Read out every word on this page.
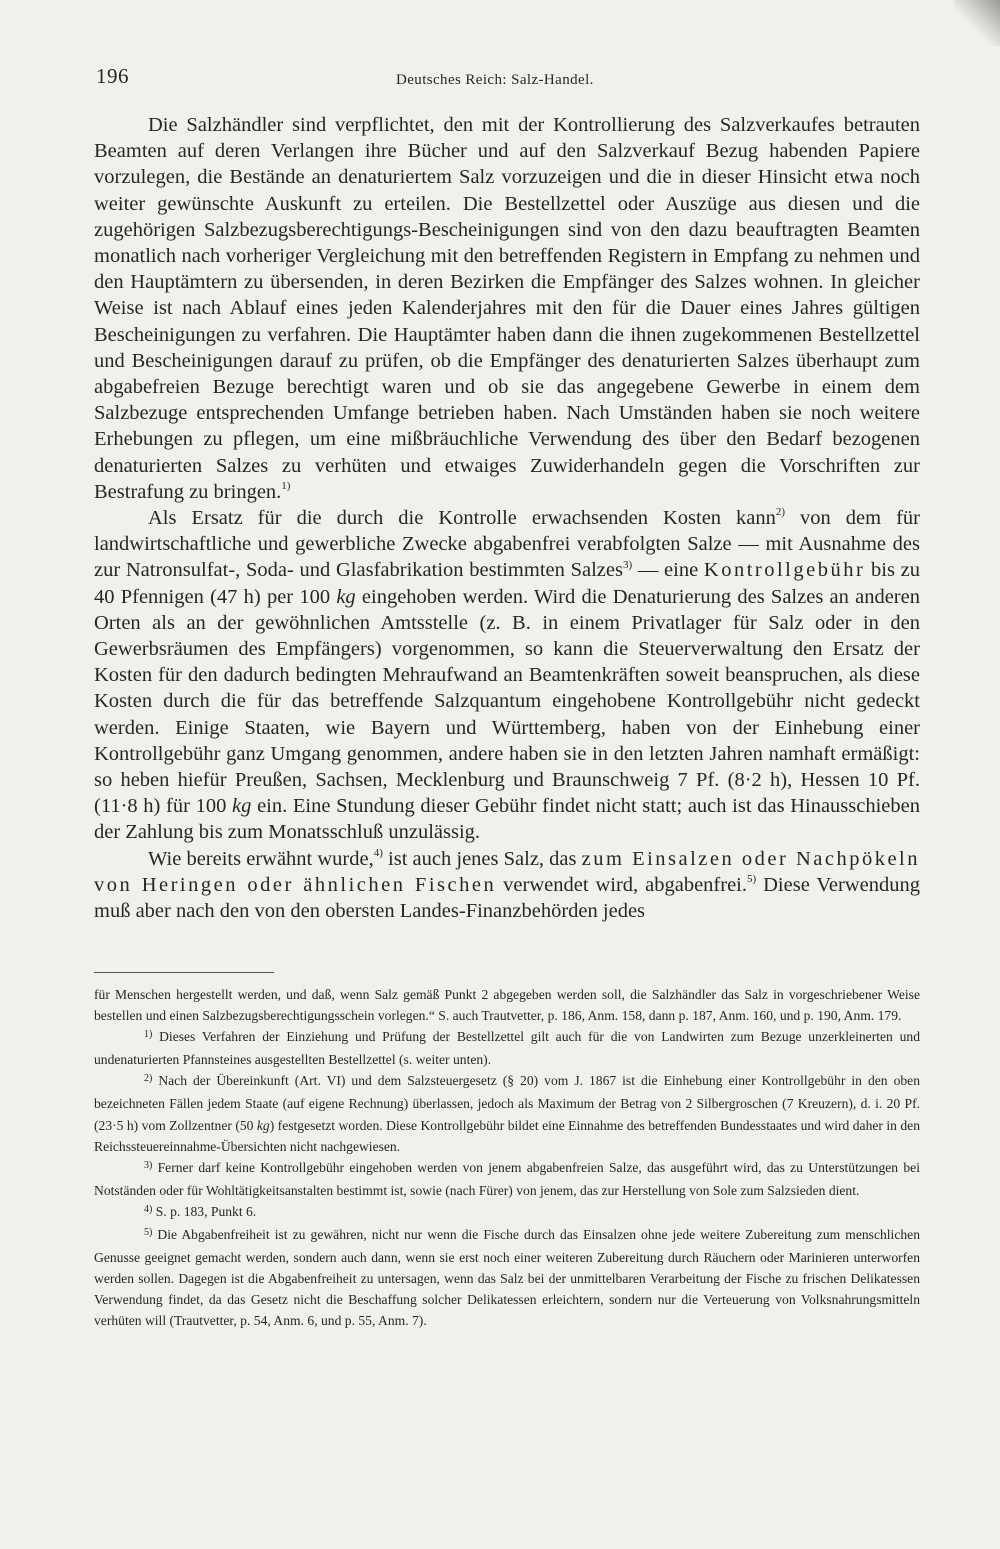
196	Deutsches Reich: Salz-Handel.

Die Salzhändler sind verpflichtet, den mit der Kontrollierung des Salzverkaufes betrauten Beamten auf deren Verlangen ihre Bücher und auf den Salzverkauf Bezug habenden Papiere vorzulegen, die Bestände an denaturiertem Salz vorzuzeigen und die in dieser Hinsicht etwa noch weiter gewünschte Auskunft zu erteilen. Die Bestellzettel oder Auszüge aus diesen und die zugehörigen Salzbezugsberechtigungs-Bescheinigungen sind von den dazu beauftragten Beamten monatlich nach vorheriger Vergleichung mit den betreffenden Registern in Empfang zu nehmen und den Hauptämtern zu übersenden, in deren Bezirken die Empfänger des Salzes wohnen. In gleicher Weise ist nach Ablauf eines jeden Kalenderjahres mit den für die Dauer eines Jahres gültigen Bescheinigungen zu verfahren. Die Hauptämter haben dann die ihnen zugekommenen Bestellzettel und Bescheinigungen darauf zu prüfen, ob die Empfänger des denaturierten Salzes überhaupt zum abgabefreien Bezuge berechtigt waren und ob sie das angegebene Gewerbe in einem dem Salzbezuge entsprechenden Umfange betrieben haben. Nach Umständen haben sie noch weitere Erhebungen zu pflegen, um eine mißbräuchliche Verwendung des über den Bedarf bezogenen denaturierten Salzes zu verhüten und etwaiges Zuwiderhandeln gegen die Vorschriften zur Bestrafung zu bringen.$^{1)}$

Als Ersatz für die durch die Kontrolle erwachsenden Kosten kann$^{2)}$ von dem für landwirtschaftliche und gewerbliche Zwecke abgabenfrei verabfolgten Salze — mit Ausnahme des zur Natronsulfat-, Soda- und Glasfabrikation bestimmten Salzes$^{3)}$ — eine Kontrollgebühr bis zu 40 Pfennigen (47 h) per 100 kg eingehoben werden. Wird die Denaturierung des Salzes an anderen Orten als an der gewöhnlichen Amtsstelle (z. B. in einem Privatlager für Salz oder in den Gewerbsräumen des Empfängers) vorgenommen, so kann die Steuerverwaltung den Ersatz der Kosten für den dadurch bedingten Mehraufwand an Beamtenkräften soweit beanspruchen, als diese Kosten durch die für das betreffende Salzquantum eingehobene Kontrollgebühr nicht gedeckt werden. Einige Staaten, wie Bayern und Württemberg, haben von der Einhebung einer Kontrollgebühr ganz Umgang genommen, andere haben sie in den letzten Jahren namhaft ermäßigt: so heben hiefür Preußen, Sachsen, Mecklenburg und Braunschweig 7 Pf. (8·2 h), Hessen 10 Pf. (11·8 h) für 100 kg ein. Eine Stundung dieser Gebühr findet nicht statt; auch ist das Hinausschieben der Zahlung bis zum Monatsschluß unzulässig.

Wie bereits erwähnt wurde,$^{4)}$ ist auch jenes Salz, das zum Einsalzen oder Nachpökeln von Heringen oder ähnlichen Fischen verwendet wird, abgabenfrei.$^{5)}$ Diese Verwendung muß aber nach den von den obersten Landes-Finanzbehörden jedes

für Menschen hergestellt werden, und daß, wenn Salz gemäß Punkt 2 abgegeben werden soll, die Salzhändler das Salz in vorgeschriebener Weise bestellen und einen Salzbezugsberechtigungsschein vorlegen.“ S. auch Trautvetter, p. 186, Anm. 158, dann p. 187, Anm. 160, und p. 190, Anm. 179.

$^{1)}$ Dieses Verfahren der Einziehung und Prüfung der Bestellzettel gilt auch für die von Landwirten zum Bezuge unzerkleinerten und undenaturierten Pfannsteines ausgestellten Bestellzettel (s. weiter unten).

$^{2)}$ Nach der Übereinkunft (Art. VI) und dem Salzsteuergesetz (§ 20) vom J. 1867 ist die Einhebung einer Kontrollgebühr in den oben bezeichneten Fällen jedem Staate (auf eigene Rechnung) überlassen, jedoch als Maximum der Betrag von 2 Silbergroschen (7 Kreuzern), d. i. 20 Pf. (23·5 h) vom Zollzentner (50 kg) festgesetzt worden. Diese Kontrollgebühr bildet eine Einnahme des betreffenden Bundesstaates und wird daher in den Reichssteuereinnahme-Übersichten nicht nachgewiesen.

$^{3)}$ Ferner darf keine Kontrollgebühr eingehoben werden von jenem abgabenfreien Salze, das ausgeführt wird, das zu Unterstützungen bei Notständen oder für Wohltätigkeitsanstalten bestimmt ist, sowie (nach Fürer) von jenem, das zur Herstellung von Sole zum Salzsieden dient.

$^{4)}$ S. p. 183, Punkt 6.

$^{5)}$ Die Abgabenfreiheit ist zu gewähren, nicht nur wenn die Fische durch das Einsalzen ohne jede weitere Zubereitung zum menschlichen Genusse geeignet gemacht werden, sondern auch dann, wenn sie erst noch einer weiteren Zubereitung durch Räuchern oder Marinieren unterworfen werden sollen. Dagegen ist die Abgabenfreiheit zu untersagen, wenn das Salz bei der unmittelbaren Verarbeitung der Fische zu frischen Delikatessen Verwendung findet, da das Gesetz nicht die Beschaffung solcher Delikatessen erleichtern, sondern nur die Verteuerung von Volksnahrungsmitteln verhüten will (Trautvetter, p. 54, Anm. 6, und p. 55, Anm. 7).
